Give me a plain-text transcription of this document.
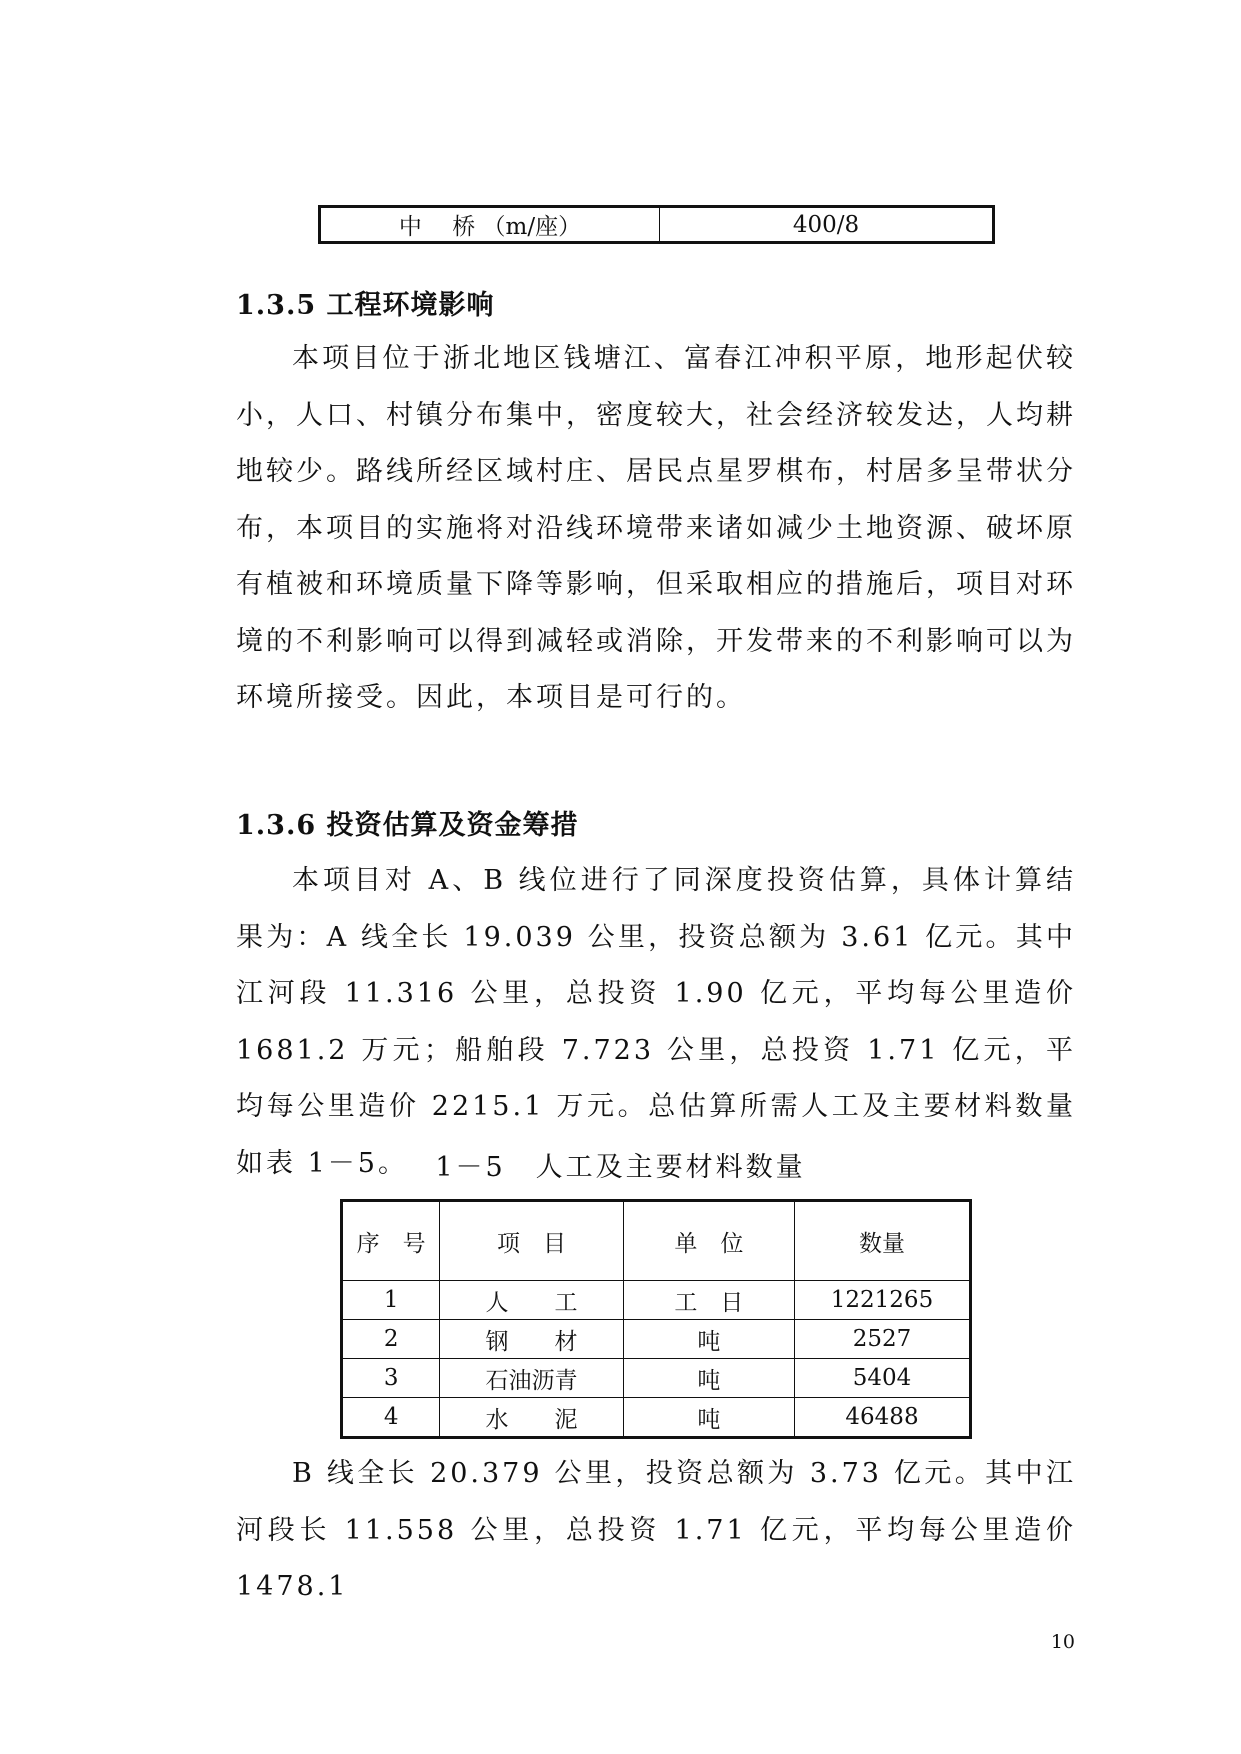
中　 桥 （m/座）	400/8
1.3.5 工程环境影响

本项目位于浙北地区钱塘江、富春江冲积平原，地形起伏较小，人口、村镇分布集中，密度较大，社会经济较发达，人均耕地较少。路线所经区域村庄、居民点星罗棋布，村居多呈带状分布，本项目的实施将对沿线环境带来诸如减少土地资源、破坏原有植被和环境质量下降等影响，但采取相应的措施后，项目对环境的不利影响可以得到减轻或消除，开发带来的不利影响可以为环境所接受。因此，本项目是可行的。

1.3.6 投资估算及资金筹措

本项目对 A、B 线位进行了同深度投资估算，具体计算结果为：A 线全长 19.039 公里，投资总额为 3.61 亿元。其中江河段 11.316 公里，总投资 1.90 亿元，平均每公里造价 1681.2 万元；船舶段 7.723 公里，总投资 1.71 亿元，平均每公里造价 2215.1 万元。总估算所需人工及主要材料数量如表 1－5。	1－5　人工及主要材料数量

序　号	项　目	单　位	数量
1	人　　工	工　日	1221265
2	钢　　材	吨	2527
3	石油沥青	吨	5404
4	水　　泥	吨	46488

B 线全长 20.379 公里，投资总额为 3.73 亿元。其中江河段长 11.558 公里，总投资 1.71 亿元，平均每公里造价 1478.1

10
